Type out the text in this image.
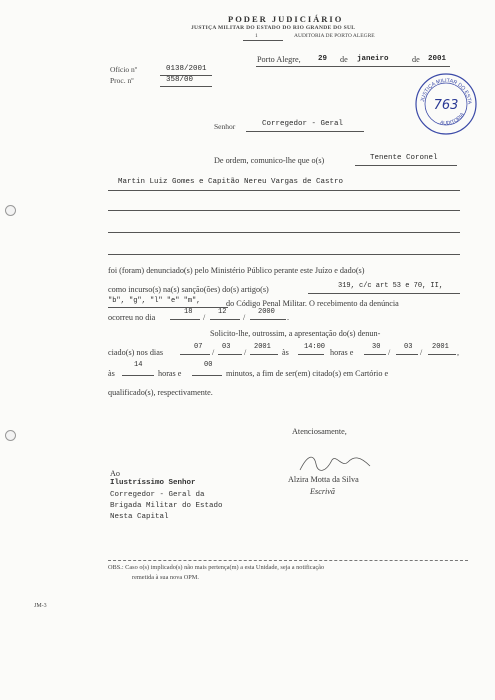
PODER JUDICIÁRIO
JUSTIÇA MILITAR DO ESTADO DO RIO GRANDE DO SUL
1	AUDITORIA DE PORTO ALEGRE
Ofício nº	0138/2001
Proc. nº	358/00
Porto Alegre, 29 de janeiro	de 2001
JUSTIÇA MILITAR DO ESTA
AUDITORIA
763
Senhor	Corregedor - Geral
De ordem, comunico-lhe que o(s)	Tenente Coronel
Martin Luiz Gomes e Capitão Nereu Vargas de Castro
foi (foram) denunciado(s) pelo Ministério Público perante este Juízo e dado(s)
como incurso(s) na(s) sanção(ões) do(s) artigo(s)	319, c/c art 53 e 70, II,
"b", "g", "l" "e" "m",	do Código Penal Militar. O recebimento da denúncia
ocorreu no dia
18
/
12
/
2000
.
Solicito-lhe, outrossim, a apresentação do(s) denun-
ciado(s) nos dias
07
/
03
/
2001
às
14:00
horas e
30
/
03
/
2001
,
às
14
horas e
00
minutos, a fim de ser(em) citado(s) em Cartório e
qualificado(s), respectivamente.
Atenciosamente,
Alzira Motta da Silva
Escrivã
Ao
Ilustríssimo Senhor
Corregedor - Geral da
Brigada Militar do Estado
Nesta Capital
OBS.: Caso o(s) implicado(s) não mais pertença(m) a esta Unidade, seja a notificação
remetida à sua nova OPM.
JM-3
